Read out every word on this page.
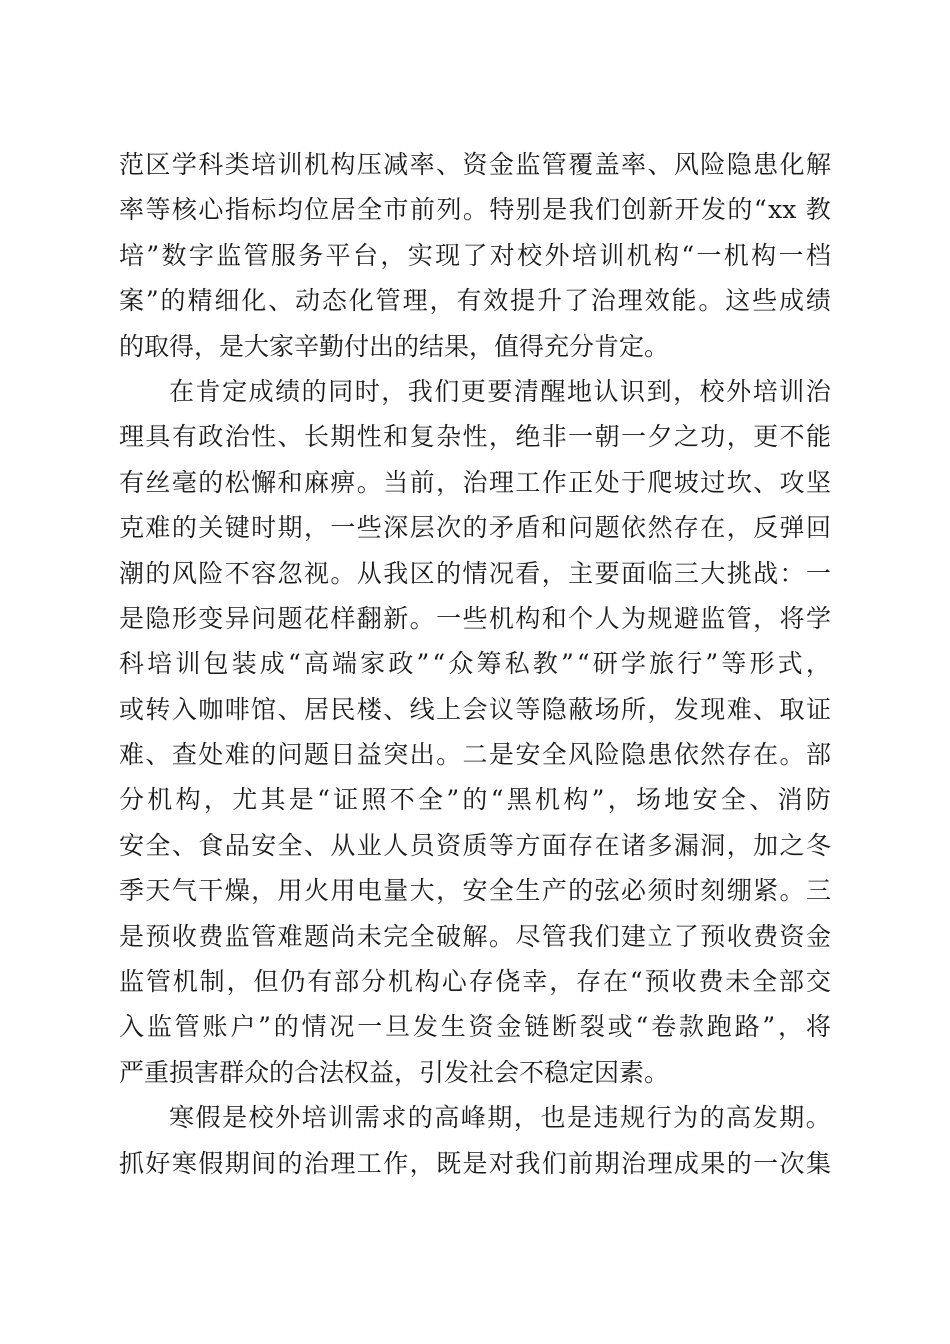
范 区 学 科 类 培 训 机 构 压 减 率 、 资 金 监 管 覆 盖 率 、 风 险 隐 患 化 解
率 等 核 心 指 标 均 位 居 全 市 前 列 。 特 别 是 我 们 创 新 开 发 的 “ xx 教
培 ” 数 字 监 管 服 务 平 台 ， 实 现 了 对 校 外 培 训 机 构 “ 一 机 构 一 档
案 ” 的 精 细 化 、 动 态 化 管 理 ， 有 效 提 升 了 治 理 效 能 。 这 些 成 绩
的取得，是大家辛勤付出的结果，值得充分肯定。
在 肯 定 成 绩 的 同 时 ， 我 们 更 要 清 醒 地 认 识 到 ， 校 外 培 训 治
理 具 有 政 治 性 、 长 期 性 和 复 杂 性 ， 绝 非 一 朝 一 夕 之 功 ， 更 不 能
有 丝 毫 的 松 懈 和 麻 痹 。 当 前 ， 治 理 工 作 正 处 于 爬 坡 过 坎 、 攻 坚
克 难 的 关 键 时 期 ， 一 些 深 层 次 的 矛 盾 和 问 题 依 然 存 在 ， 反 弹 回
潮 的 风 险 不 容 忽 视 。 从 我 区 的 情 况 看 ， 主 要 面 临 三 大 挑 战 ： 一
是 隐 形 变 异 问 题 花 样 翻 新 。 一 些 机 构 和 个 人 为 规 避 监 管 ， 将 学
科 培 训 包 装 成 “ 高 端 家 政 ” “ 众 筹 私 教 ” “ 研 学 旅 行 ” 等 形 式 ，
或 转 入 咖 啡 馆 、 居 民 楼 、 线 上 会 议 等 隐 蔽 场 所 ， 发 现 难 、 取 证
难 、 查 处 难 的 问 题 日 益 突 出 。 二 是 安 全 风 险 隐 患 依 然 存 在 。 部
分 机 构 ， 尤 其 是 “ 证 照 不 全 ” 的 “ 黑 机 构 ” ， 场 地 安 全 、 消 防
安 全 、 食 品 安 全 、 从 业 人 员 资 质 等 方 面 存 在 诸 多 漏 洞 ， 加 之 冬
季 天 气 干 燥 ， 用 火 用 电 量 大 ， 安 全 生 产 的 弦 必 须 时 刻 绷 紧 。 三
是 预 收 费 监 管 难 题 尚 未 完 全 破 解 。 尽 管 我 们 建 立 了 预 收 费 资 金
监 管 机 制 ， 但 仍 有 部 分 机 构 心 存 侥 幸 ， 存 在 “ 预 收 费 未 全 部 交
入 监 管 账 户 ” 的 情 况 一 旦 发 生 资 金 链 断 裂 或 “ 卷 款 跑 路 ” ， 将
严重损害群众的合法权益，引发社会不稳定因素。
寒 假 是 校 外 培 训 需 求 的 高 峰 期 ， 也 是 违 规 行 为 的 高 发 期 。
抓 好 寒 假 期 间 的 治 理 工 作 ， 既 是 对 我 们 前 期 治 理 成 果 的 一 次 集
